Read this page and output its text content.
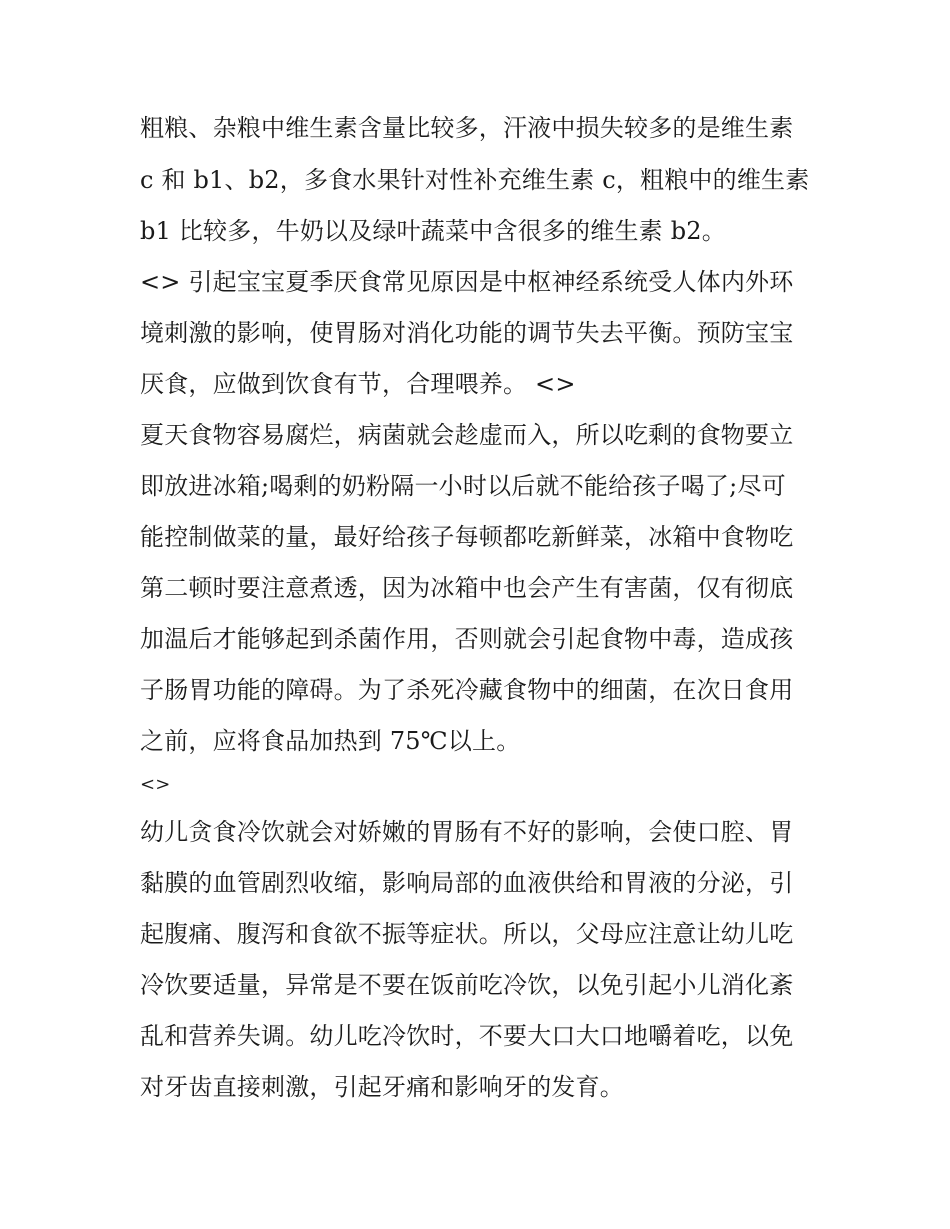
粗粮、杂粮中维生素含量比较多，汗液中损失较多的是维生素
c 和 b1、b2，多食水果针对性补充维生素 c，粗粮中的维生素
b1 比较多，牛奶以及绿叶蔬菜中含很多的维生素 b2。
<> 引起宝宝夏季厌食常见原因是中枢神经系统受人体内外环
境刺激的影响，使胃肠对消化功能的调节失去平衡。预防宝宝
厌食，应做到饮食有节，合理喂养。 <>
夏天食物容易腐烂，病菌就会趁虚而入，所以吃剩的食物要立
即放进冰箱;喝剩的奶粉隔一小时以后就不能给孩子喝了;尽可
能控制做菜的量，最好给孩子每顿都吃新鲜菜，冰箱中食物吃
第二顿时要注意煮透，因为冰箱中也会产生有害菌，仅有彻底
加温后才能够起到杀菌作用，否则就会引起食物中毒，造成孩
子肠胃功能的障碍。为了杀死冷藏食物中的细菌，在次日食用
之前，应将食品加热到 75℃以上。
<>
幼儿贪食冷饮就会对娇嫩的胃肠有不好的影响，会使口腔、胃
黏膜的血管剧烈收缩，影响局部的血液供给和胃液的分泌，引
起腹痛、腹泻和食欲不振等症状。所以，父母应注意让幼儿吃
冷饮要适量，异常是不要在饭前吃冷饮，以免引起小儿消化紊
乱和营养失调。幼儿吃冷饮时，不要大口大口地嚼着吃，以免
对牙齿直接刺激，引起牙痛和影响牙的发育。
